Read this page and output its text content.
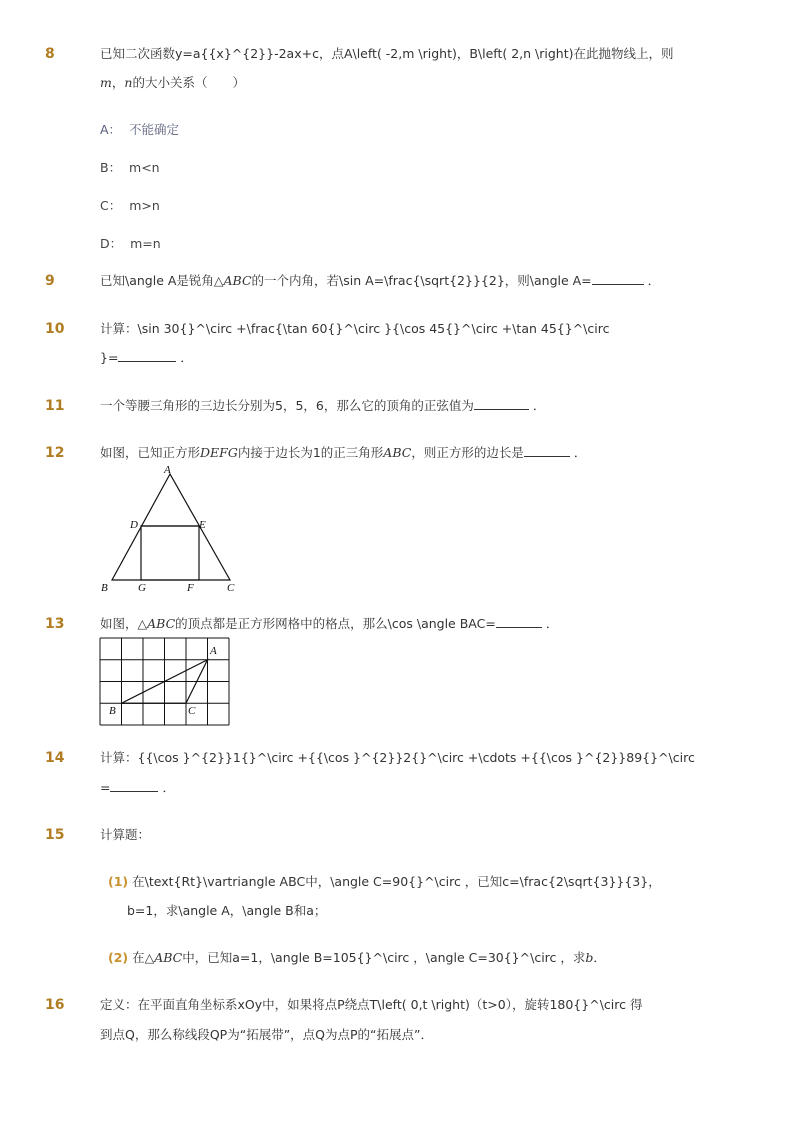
8	已知二次函数y=a{{x}^{2}}-2ax+c，点A\left( -2,m \right)，B\left( 2,n \right)在此抛物线上，则
m，n的大小关系（　　）
A： 不能确定
B： m<n
C： m>n
D： m=n
9	已知\angle A是锐角△ABC的一个内角，若\sin A=\frac{\sqrt{2}}{2}，则\angle A=	．
10	计算：\sin 30{}^\circ +\frac{\tan 60{}^\circ }{\cos 45{}^\circ +\tan 45{}^\circ
}=	．
11	一个等腰三角形的三边长分别为5，5，6，那么它的顶角的正弦值为	．
12	如图，已知正方形DEFG内接于边长为1的正三角形ABC，则正方形的边长是	．
A
D	E
B	G	F	C
13	如图，△ABC的顶点都是正方形网格中的格点，那么\cos \angle BAC=	．
A
B	C
14	计算：{{\cos }^{2}}1{}^\circ +{{\cos }^{2}}2{}^\circ +\cdots +{{\cos }^{2}}89{}^\circ
=	．
15	计算题：
(1) 在\text{Rt}\vartriangle ABC中，\angle C=90{}^\circ ，已知c=\frac{2\sqrt{3}}{3}，
b=1，求\angle A，\angle B和a；
(2) 在△ABC中，已知a=1，\angle B=105{}^\circ ，\angle C=30{}^\circ ，求b．
16	定义：在平面直角坐标系xOy中，如果将点P绕点T\left( 0,t \right)（t>0），旋转180{}^\circ 得
到点Q，那么称线段QP为“拓展带”，点Q为点P的“拓展点”．
